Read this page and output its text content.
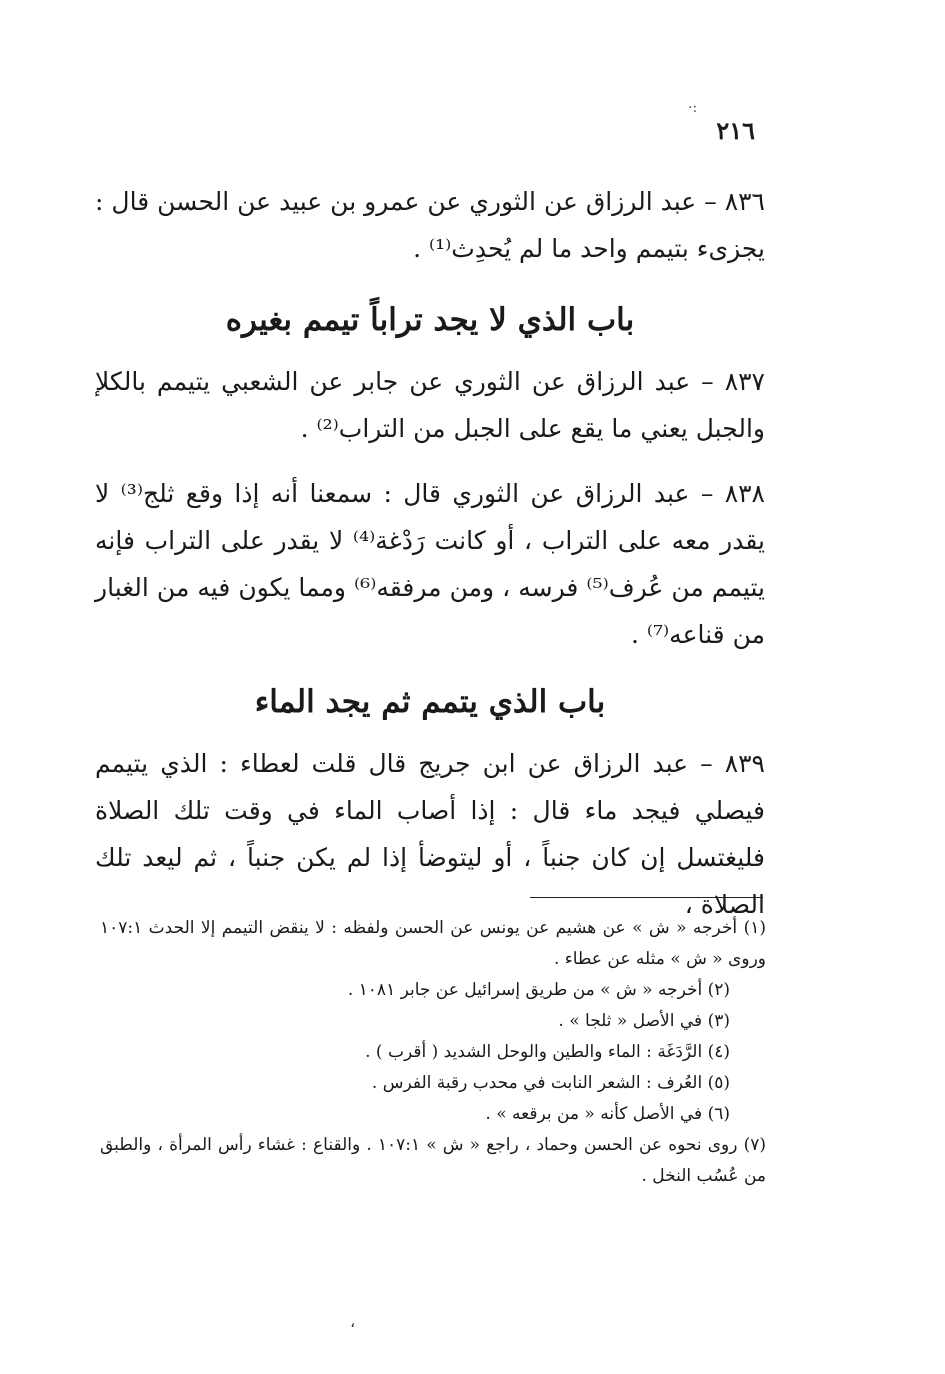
·:

٢١٦

٨٣٦ – عبد الرزاق عن الثوري عن عمرو بن عبيد عن الحسن قال : يجزىء بتيمم واحد ما لم يُحدِث⁽¹⁾ .

باب الذي لا يجد تراباً تيمم بغيره

٨٣٧ – عبد الرزاق عن الثوري عن جابر عن الشعبي يتيمم بالكلإ والجبل يعني ما يقع على الجبل من التراب⁽²⁾ .

٨٣٨ – عبد الرزاق عن الثوري قال : سمعنا أنه إذا وقع ثلج⁽³⁾ لا يقدر معه على التراب ، أو كانت رَدْغة⁽⁴⁾ لا يقدر على التراب فإنه يتيمم من عُرف⁽⁵⁾ فرسه ، ومن مرفقه⁽⁶⁾ ومما يكون فيه من الغبار من قناعه⁽⁷⁾ .

باب الذي يتمم ثم يجد الماء

٨٣٩ – عبد الرزاق عن ابن جريج قال قلت لعطاء : الذي يتيمم فيصلي فيجد ماء قال : إذا أصاب الماء في وقت تلك الصلاة فليغتسل إن كان جنباً ، أو ليتوضأ إذا لم يكن جنباً ، ثم ليعد تلك الصلاة ،

(١) أخرجه « ش » عن هشيم عن يونس عن الحسن ولفظه : لا ينقض التيمم إلا الحدث ١٠٧:١ وروى « ش » مثله عن عطاء .
(٢) أخرجه « ش » من طريق إسرائيل عن جابر ١٠٨١ .
(٣) في الأصل « ثلجا » .
(٤) الرَّدَغَة : الماء والطين والوحل الشديد ( أقرب ) .
(٥) العُرف : الشعر النابت في محدب رقبة الفرس .
(٦) في الأصل كأنه « من برقعه » .
(٧) روى نحوه عن الحسن وحماد ، راجع « ش » ١٠٧:١ . والقناع : غشاء رأس المرأة ، والطبق من عُسُب النخل .

،
